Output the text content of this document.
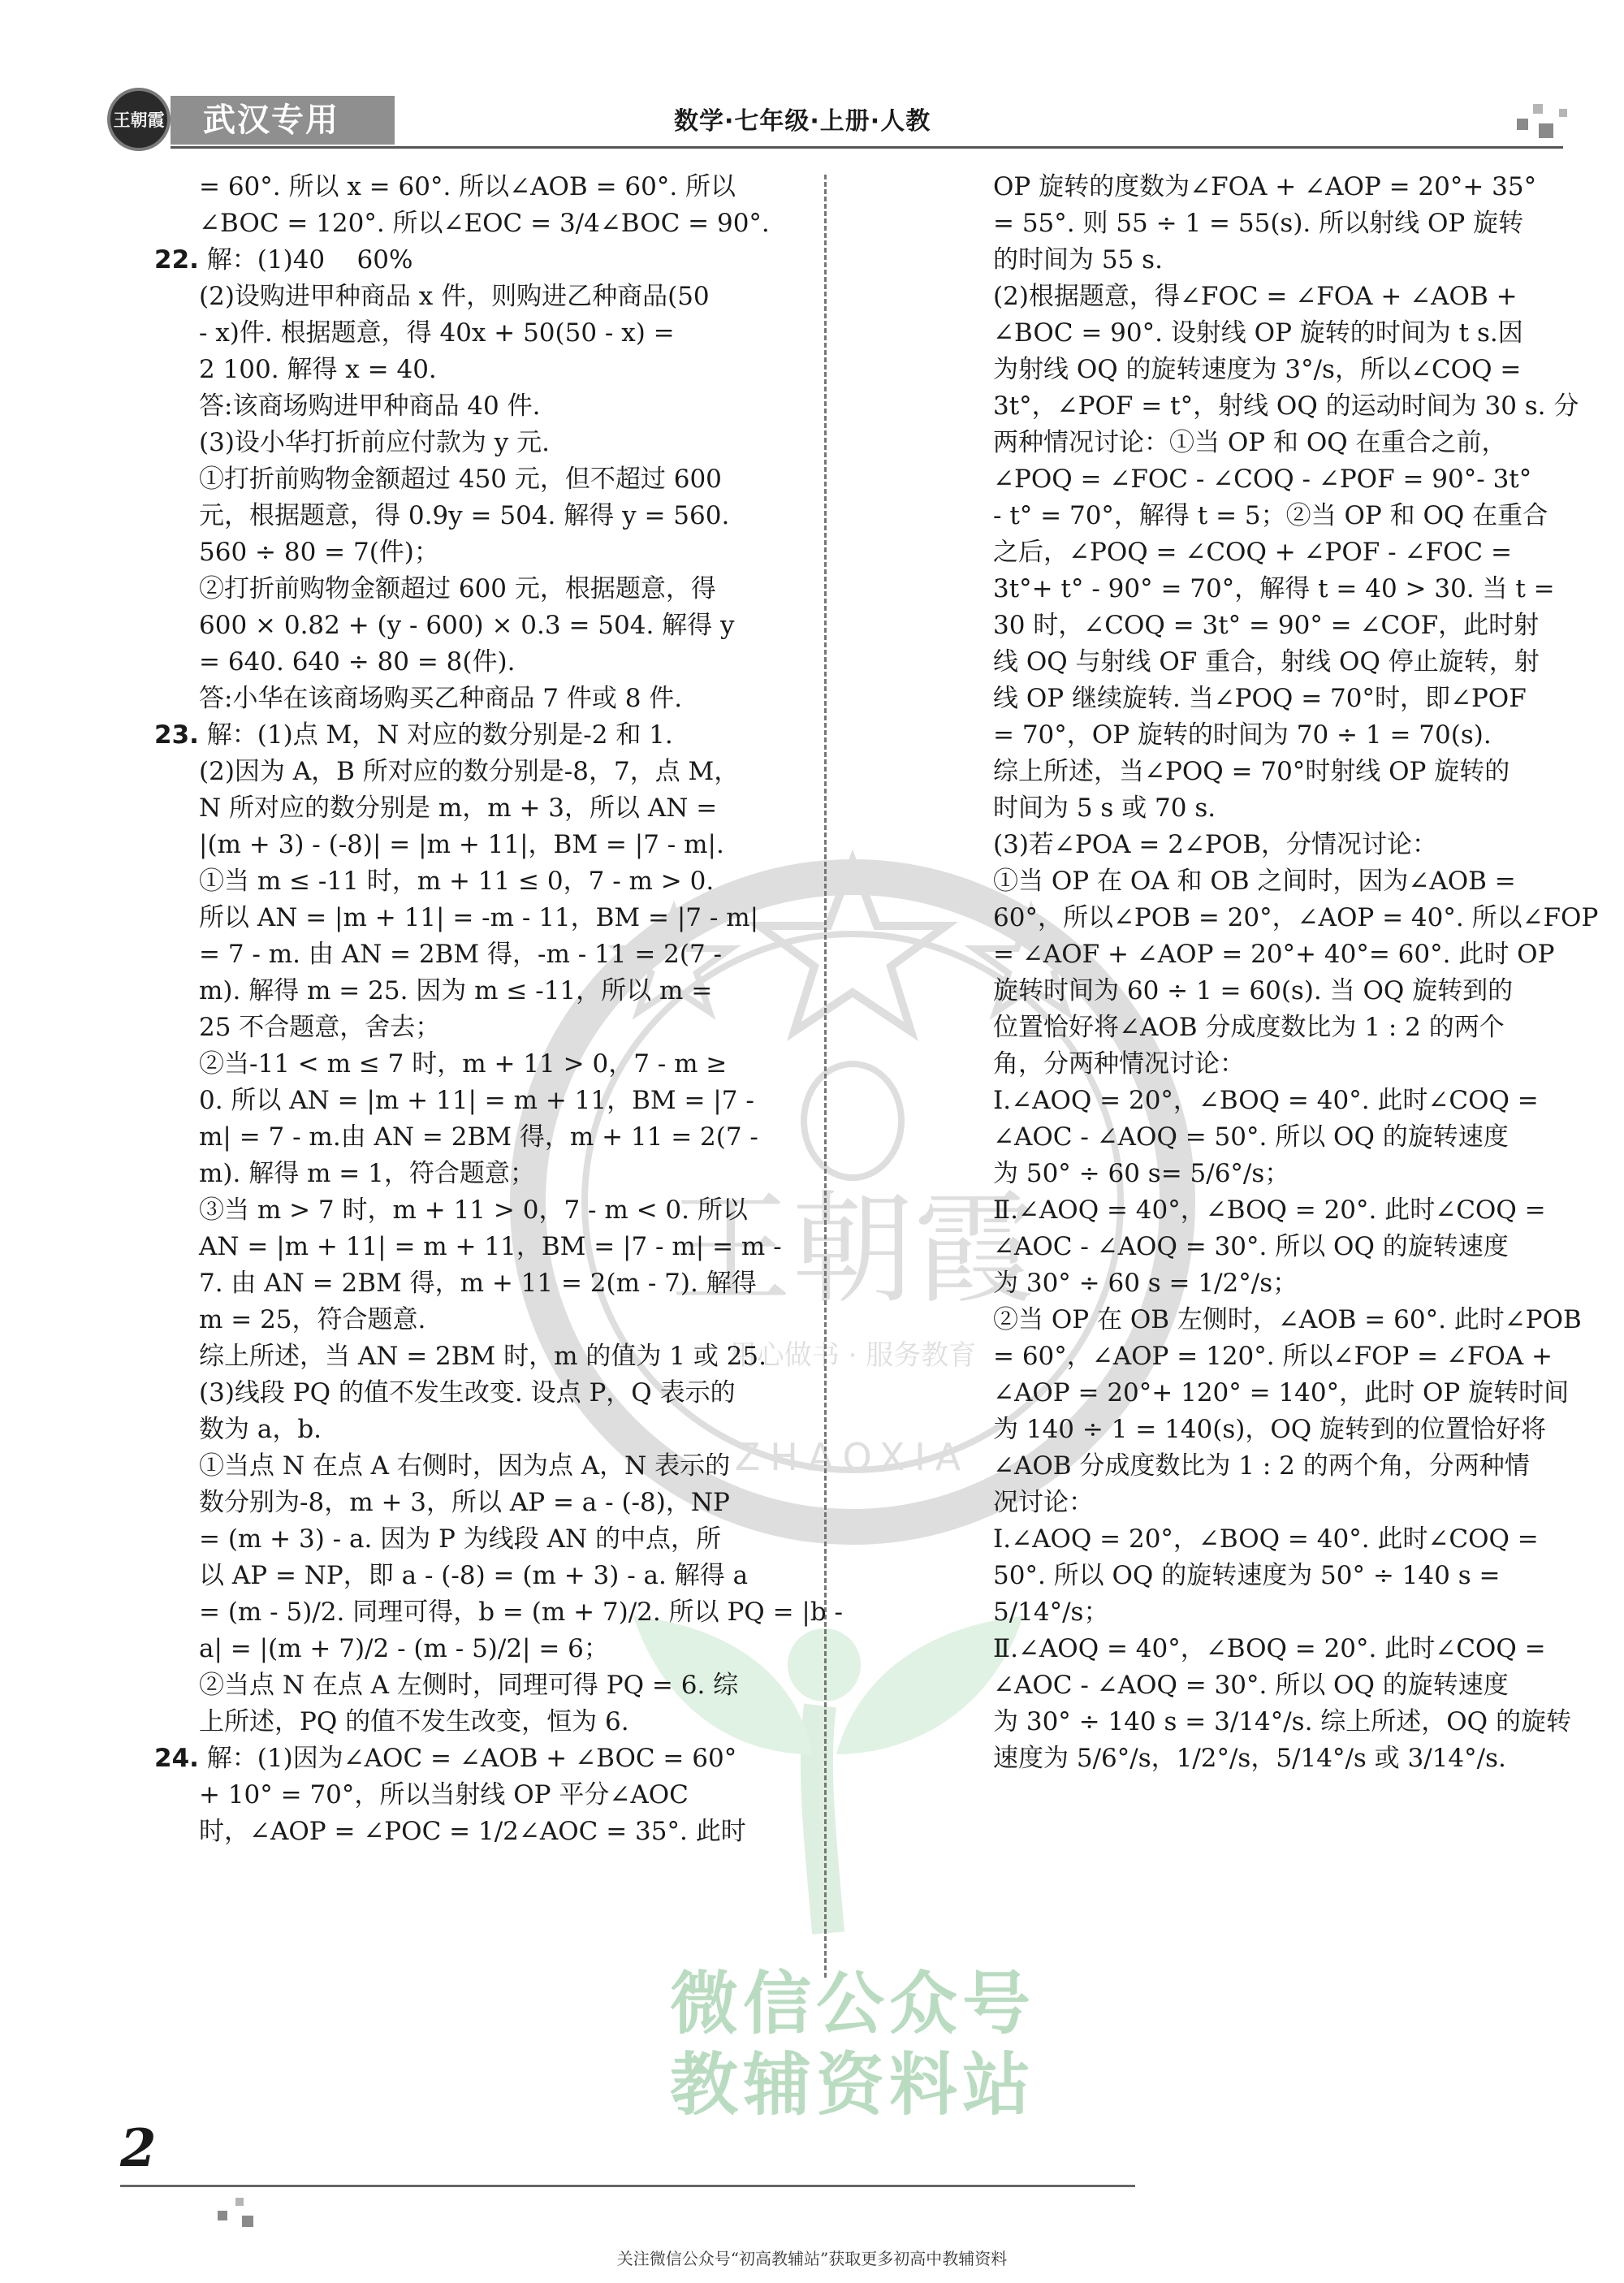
王朝霞	武汉专用	数学·七年级·上册·人教
王朝霞
用心做书 · 服务教育
ZHAOXIA
微信公众号
教辅资料站
= 60°. 所以 x = 60°. 所以∠AOB = 60°. 所以
∠BOC = 120°. 所以∠EOC = 3/4∠BOC = 90°.
22. 解：(1)40    60%
(2)设购进甲种商品 x 件，则购进乙种商品(50
- x)件. 根据题意，得 40x + 50(50 - x) =
2 100. 解得 x = 40.
答:该商场购进甲种商品 40 件.
(3)设小华打折前应付款为 y 元.
①打折前购物金额超过 450 元，但不超过 600
元，根据题意，得 0.9y = 504. 解得 y = 560.
560 ÷ 80 = 7(件)；
②打折前购物金额超过 600 元，根据题意，得
600 × 0.82 + (y - 600) × 0.3 = 504. 解得 y
= 640. 640 ÷ 80 = 8(件).
答:小华在该商场购买乙种商品 7 件或 8 件.
23. 解：(1)点 M，N 对应的数分别是-2 和 1.
(2)因为 A，B 所对应的数分别是-8，7，点 M，
N 所对应的数分别是 m，m + 3，所以 AN =
|(m + 3) - (-8)| = |m + 11|，BM = |7 - m|.
①当 m ≤ -11 时，m + 11 ≤ 0，7 - m > 0.
所以 AN = |m + 11| = -m - 11，BM = |7 - m|
= 7 - m. 由 AN = 2BM 得，-m - 11 = 2(7 -
m). 解得 m = 25. 因为 m ≤ -11，所以 m =
25 不合题意，舍去；
②当-11 < m ≤ 7 时，m + 11 > 0，7 - m ≥
0. 所以 AN = |m + 11| = m + 11，BM = |7 -
m| = 7 - m.由 AN = 2BM 得，m + 11 = 2(7 -
m). 解得 m = 1，符合题意；
③当 m > 7 时，m + 11 > 0，7 - m < 0. 所以
AN = |m + 11| = m + 11，BM = |7 - m| = m -
7. 由 AN = 2BM 得，m + 11 = 2(m - 7). 解得
m = 25，符合题意.
综上所述，当 AN = 2BM 时，m 的值为 1 或 25.
(3)线段 PQ 的值不发生改变. 设点 P，Q 表示的
数为 a，b.
①当点 N 在点 A 右侧时，因为点 A，N 表示的
数分别为-8，m + 3，所以 AP = a - (-8)，NP
= (m + 3) - a. 因为 P 为线段 AN 的中点，所
以 AP = NP，即 a - (-8) = (m + 3) - a. 解得 a
= (m - 5)/2. 同理可得，b = (m + 7)/2. 所以 PQ = |b -
a| = |(m + 7)/2 - (m - 5)/2| = 6；
②当点 N 在点 A 左侧时，同理可得 PQ = 6. 综
上所述，PQ 的值不发生改变，恒为 6.
24. 解：(1)因为∠AOC = ∠AOB + ∠BOC = 60°
+ 10° = 70°，所以当射线 OP 平分∠AOC
时，∠AOP = ∠POC = 1/2∠AOC = 35°. 此时
OP 旋转的度数为∠FOA + ∠AOP = 20°+ 35°
= 55°. 则 55 ÷ 1 = 55(s). 所以射线 OP 旋转
的时间为 55 s.
(2)根据题意，得∠FOC = ∠FOA + ∠AOB +
∠BOC = 90°. 设射线 OP 旋转的时间为 t s.因
为射线 OQ 的旋转速度为 3°/s，所以∠COQ =
3t°，∠POF = t°，射线 OQ 的运动时间为 30 s. 分
两种情况讨论：①当 OP 和 OQ 在重合之前，
∠POQ = ∠FOC - ∠COQ - ∠POF = 90°- 3t°
- t° = 70°，解得 t = 5；②当 OP 和 OQ 在重合
之后，∠POQ = ∠COQ + ∠POF - ∠FOC =
3t°+ t° - 90° = 70°，解得 t = 40 > 30. 当 t =
30 时，∠COQ = 3t° = 90° = ∠COF，此时射
线 OQ 与射线 OF 重合，射线 OQ 停止旋转，射
线 OP 继续旋转. 当∠POQ = 70°时，即∠POF
= 70°，OP 旋转的时间为 70 ÷ 1 = 70(s).
综上所述，当∠POQ = 70°时射线 OP 旋转的
时间为 5 s 或 70 s.
(3)若∠POA = 2∠POB，分情况讨论：
①当 OP 在 OA 和 OB 之间时，因为∠AOB =
60°，所以∠POB = 20°，∠AOP = 40°. 所以∠FOP
= ∠AOF + ∠AOP = 20°+ 40°= 60°. 此时 OP
旋转时间为 60 ÷ 1 = 60(s). 当 OQ 旋转到的
位置恰好将∠AOB 分成度数比为 1 : 2 的两个
角，分两种情况讨论：
Ⅰ.∠AOQ = 20°，∠BOQ = 40°. 此时∠COQ =
∠AOC - ∠AOQ = 50°. 所以 OQ 的旋转速度
为 50° ÷ 60 s= 5/6°/s；
Ⅱ.∠AOQ = 40°，∠BOQ = 20°. 此时∠COQ =
∠AOC - ∠AOQ = 30°. 所以 OQ 的旋转速度
为 30° ÷ 60 s = 1/2°/s；
②当 OP 在 OB 左侧时，∠AOB = 60°. 此时∠POB
= 60°，∠AOP = 120°. 所以∠FOP = ∠FOA +
∠AOP = 20°+ 120° = 140°，此时 OP 旋转时间
为 140 ÷ 1 = 140(s)，OQ 旋转到的位置恰好将
∠AOB 分成度数比为 1 : 2 的两个角，分两种情
况讨论：
Ⅰ.∠AOQ = 20°，∠BOQ = 40°. 此时∠COQ =
50°. 所以 OQ 的旋转速度为 50° ÷ 140 s =
5/14°/s；
Ⅱ.∠AOQ = 40°，∠BOQ = 20°. 此时∠COQ =
∠AOC - ∠AOQ = 30°. 所以 OQ 的旋转速度
为 30° ÷ 140 s = 3/14°/s. 综上所述，OQ 的旋转
速度为 5/6°/s，1/2°/s，5/14°/s 或 3/14°/s.
2
关注微信公众号“初高教辅站”获取更多初高中教辅资料
